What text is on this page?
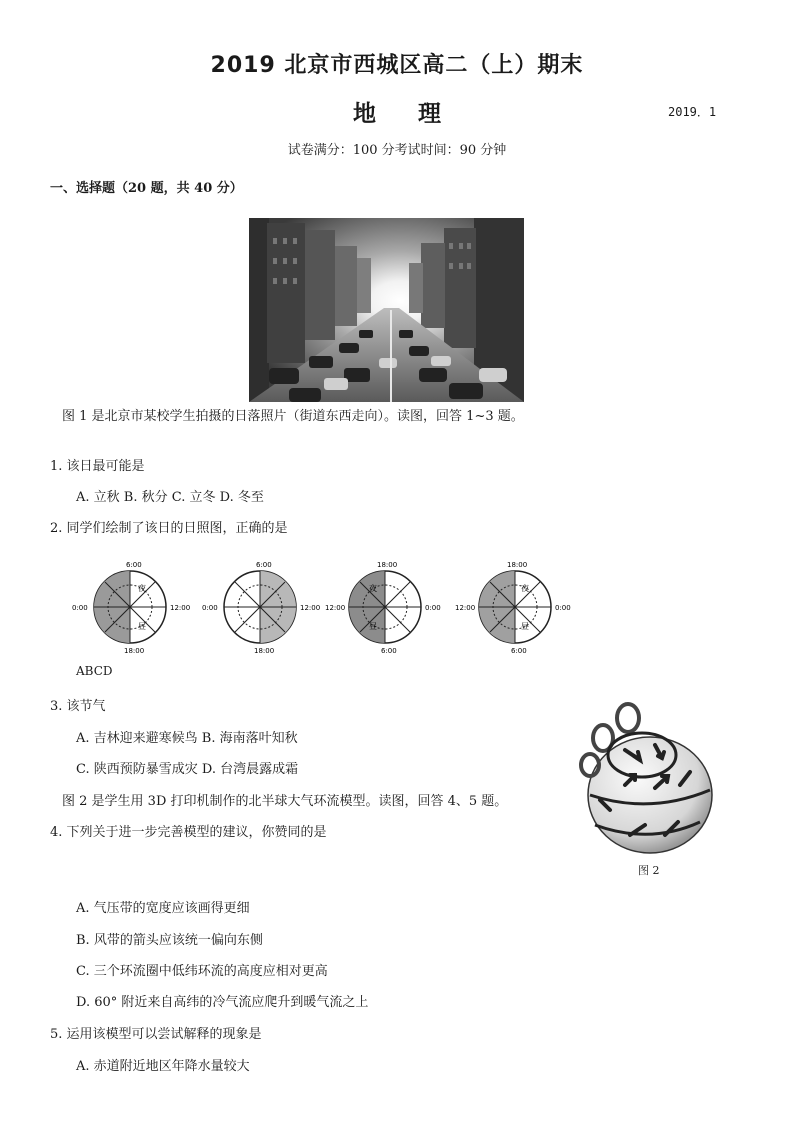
2019 北京市西城区高二（上）期末
地理	2019．1
试卷满分：100 分考试时间：90 分钟
一、选择题（20 题，共 40 分）
图 1 是北京市某校学生拍摄的日落照片（街道东西走向）。读图，回答 1~3 题。
1. 该日最可能是
A. 立秋 B. 秋分 C. 立冬 D. 冬至
2. 同学们绘制了该日的日照图，正确的是
6:00
0:00	12:00
18:00
夜
昼
6:00
0:00	12:00
18:00
18:00
12:00	0:00
6:00
夜
昼
18:00
12:00	0:00
6:00
夜
昼
ABCD
3. 该节气
A. 吉林迎来避寒候鸟 B. 海南落叶知秋
C. 陕西预防暴雪成灾 D. 台湾晨露成霜
图 2 是学生用 3D 打印机制作的北半球大气环流模型。读图，回答 4、5 题。
图 2
4. 下列关于进一步完善模型的建议，你赞同的是
A. 气压带的宽度应该画得更细
B. 风带的箭头应该统一偏向东侧
C. 三个环流圈中低纬环流的高度应相对更高
D. 60° 附近来自高纬的冷气流应爬升到暖气流之上
5. 运用该模型可以尝试解释的现象是
A. 赤道附近地区年降水量较大
